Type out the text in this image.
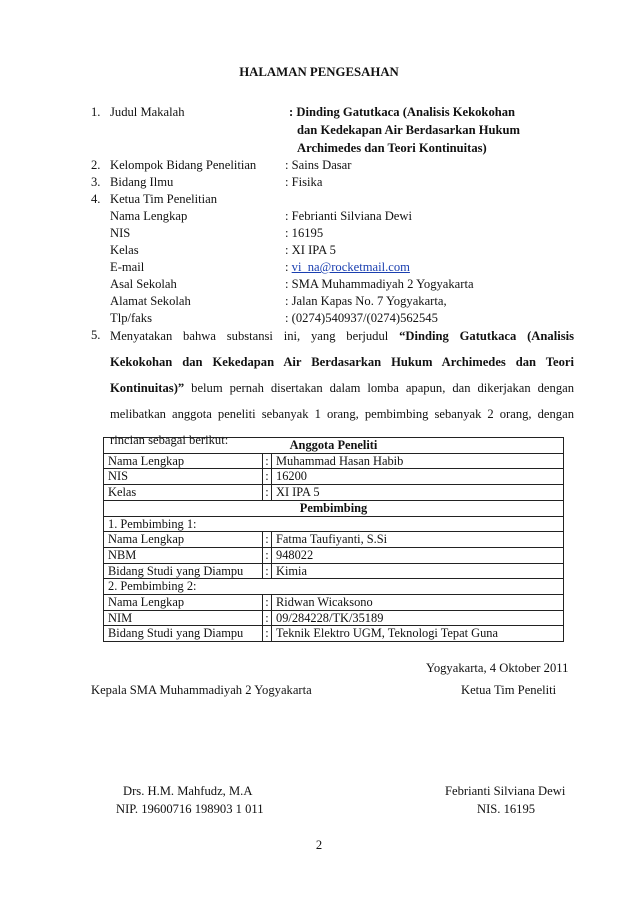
HALAMAN PENGESAHAN
1. Judul Makalah	: Dinding Gatutkaca (Analisis Kekokohan
dan Kedekapan Air Berdasarkan Hukum
Archimedes dan Teori Kontinuitas)
2. Kelompok Bidang Penelitian : Sains Dasar
3. Bidang Ilmu	: Fisika
4. Ketua Tim Penelitian
Nama Lengkap	: Febrianti Silviana Dewi
NIS	: 16195
Kelas	: XI IPA 5
E-mail	: vi_na@rocketmail.com
Asal Sekolah	: SMA Muhammadiyah 2 Yogyakarta
Alamat Sekolah	: Jalan Kapas No. 7 Yogyakarta,
Tlp/faks	: (0274)540937/(0274)562545
5. Menyatakan bahwa substansi ini, yang berjudul “Dinding Gatutkaca (Analisis
Kekokohan dan Kekedapan Air Berdasarkan Hukum Archimedes dan Teori
Kontinuitas)” belum pernah disertakan dalam lomba apapun, dan dikerjakan dengan
melibatkan anggota peneliti sebanyak 1 orang, pembimbing sebanyak 2 orang, dengan
rincian sebagai berikut:	Anggota Peneliti		
Nama Lengkap	:	Muhammad Hasan Habib
NIS	:	16200
Kelas	:	XI IPA 5
Pembimbing		
1. Pembimbing 1:		
Nama Lengkap	:	Fatma Taufiyanti, S.Si
NBM	:	948022
Bidang Studi yang Diampu	:	Kimia
2. Pembimbing 2:		
Nama Lengkap	:	Ridwan Wicaksono
NIM	:	09/284228/TK/35189
Bidang Studi yang Diampu	:	Teknik Elektro UGM, Teknologi Tepat Guna
Yogyakarta, 4 Oktober 2011
Kepala SMA Muhammadiyah 2 Yogyakarta	Ketua Tim Peneliti
Drs. H.M. Mahfudz, M.A
NIP. 19600716 198903 1 011
Febrianti Silviana Dewi
NIS. 16195
2
